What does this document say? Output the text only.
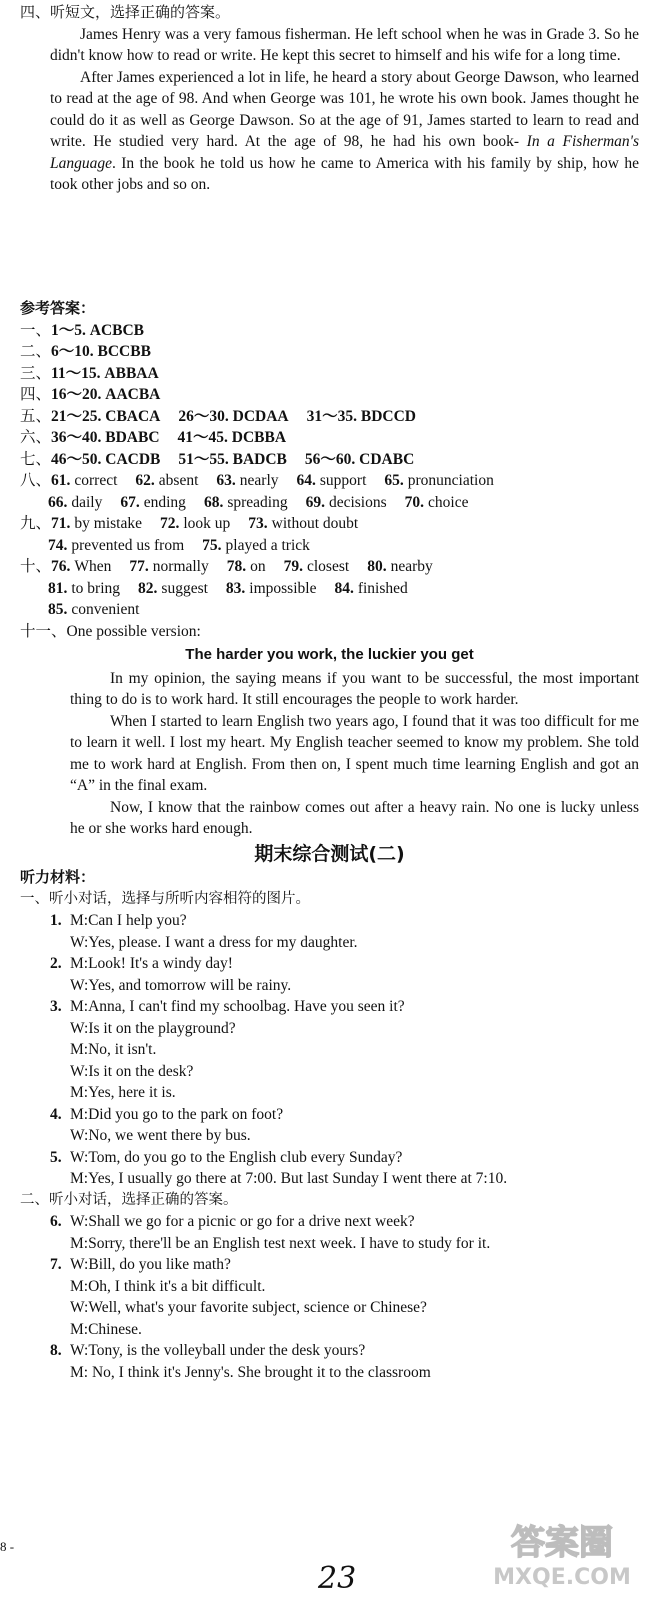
四、听短文，选择正确的答案。

James Henry was a very famous fisherman. He left school when he was in Grade 3. So he didn't know how to read or write. He kept this secret to himself and his wife for a long time.

After James experienced a lot in life, he heard a story about George Dawson, who learned to read at the age of 98. And when George was 101, he wrote his own book. James thought he could do it as well as George Dawson. So at the age of 91, James started to learn to read and write. He studied very hard. At the age of 98, he had his own book- In a Fisherman's Language. In the book he told us how he came to America with his family by ship, how he took other jobs and so on.

参考答案：

一、1～5. ACBCB

二、6～10. BCCBB

三、11～15. ABBAA

四、16～20. AACBA

五、21～25. CBACA 26～30. DCDAA 31～35. BDCCD

六、36～40. BDABC 41～45. DCBBA

七、46～50. CACDB 51～55. BADCB 56～60. CDABC

八、61. correct 62. absent 63. nearly 64. support 65. pronunciation

66. daily 67. ending 68. spreading 69. decisions 70. choice

九、71. by mistake 72. look up 73. without doubt

74. prevented us from 75. played a trick

十、76. When 77. normally 78. on 79. closest 80. nearby

81. to bring 82. suggest 83. impossible 84. finished

85. convenient

十一、One possible version:

The harder you work, the luckier you get

In my opinion, the saying means if you want to be successful, the most important thing to do is to work hard. It still encourages the people to work harder.

When I started to learn English two years ago, I found that it was too difficult for me to learn it well. I lost my heart. My English teacher seemed to know my problem. She told me to work hard at English. From then on, I spent much time learning English and got an “A” in the final exam.

Now, I know that the rainbow comes out after a heavy rain. No one is lucky unless he or she works hard enough.

期末综合测试(二)

听力材料：

一、听小对话，选择与所听内容相符的图片。

1. M:Can I help you?

W:Yes, please. I want a dress for my daughter.

2. M:Look! It's a windy day!

W:Yes, and tomorrow will be rainy.

3. M:Anna, I can't find my schoolbag. Have you seen it?

W:Is it on the playground?

M:No, it isn't.

W:Is it on the desk?

M:Yes, here it is.

4. M:Did you go to the park on foot?

W:No, we went there by bus.

5. W:Tom, do you go to the English club every Sunday?

M:Yes, I usually go there at 7:00. But last Sunday I went there at 7:10.

二、听小对话，选择正确的答案。

6. W:Shall we go for a picnic or go for a drive next week?

M:Sorry, there'll be an English test next week. I have to study for it.

7. W:Bill, do you like math?

M:Oh, I think it's a bit difficult.

W:Well, what's your favorite subject, science or Chinese?

M:Chinese.

8. W:Tony, is the volleyball under the desk yours?

M: No, I think it's Jenny's. She brought it to the classroom

8 -
23
答案圈
MXQE.COM
